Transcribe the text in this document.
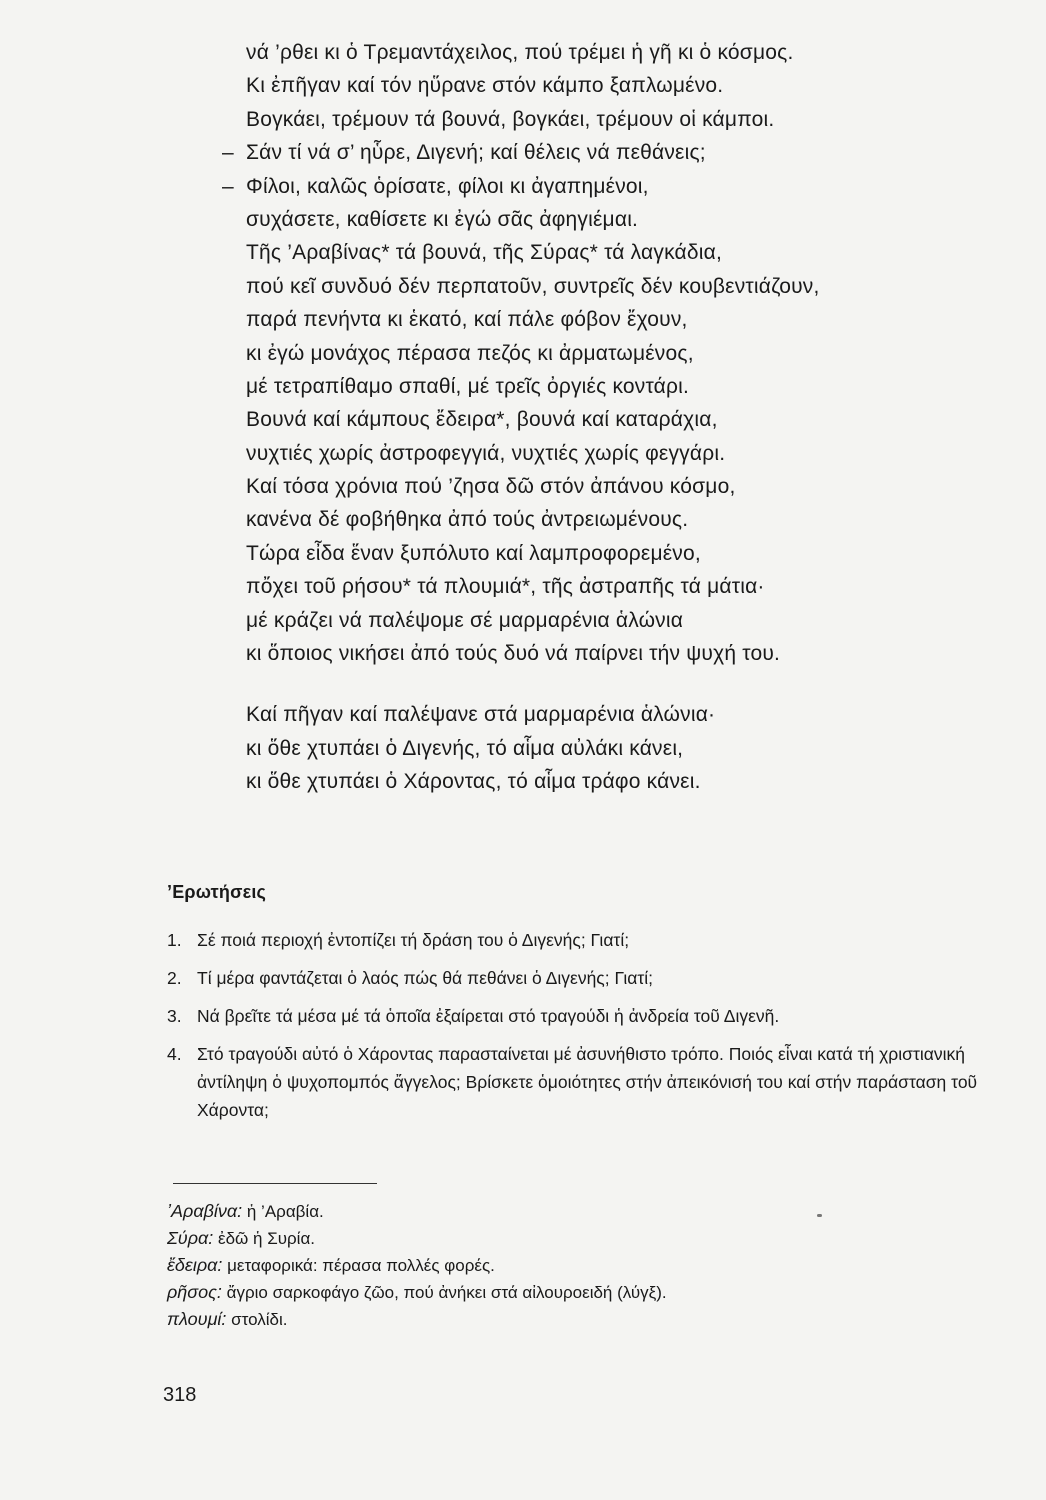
νά ’ρθει κι ὁ Τρεμαντάχειλος, πού τρέμει ἡ γῆ κι ὁ κόσμος.
Κι ἐπῆγαν καί τόν ηὕρανε στόν κάμπο ξαπλωμένο.
Βογκάει, τρέμουν τά βουνά, βογκάει, τρέμουν οἱ κάμποι.
– Σάν τί νά σ’ ηὗρε, Διγενή; καί θέλεις νά πεθάνεις;
– Φίλοι, καλῶς ὁρίσατε, φίλοι κι ἀγαπημένοι,
συχάσετε, καθίσετε κι ἐγώ σᾶς ἀφηγιέμαι.
Τῆς ’Αραβίνας* τά βουνά, τῆς Σύρας* τά λαγκάδια,
πού κεῖ συνδυό δέν περπατοῦν, συντρεῖς δέν κουβεντιάζουν,
παρά πενήντα κι ἑκατό, καί πάλε φόβον ἔχουν,
κι ἐγώ μονάχος πέρασα πεζός κι ἀρματωμένος,
μέ τετραπίθαμο σπαθί, μέ τρεῖς ὀργιές κοντάρι.
Βουνά καί κάμπους ἔδειρα*, βουνά καί καταράχια,
νυχτιές χωρίς ἀστροφεγγιά, νυχτιές χωρίς φεγγάρι.
Καί τόσα χρόνια πού ’ζησα δῶ στόν ἀπάνου κόσμο,
κανένα δέ φοβήθηκα ἀπό τούς ἀντρειωμένους.
Τώρα εἶδα ἕναν ξυπόλυτο καί λαμπροφορεμένο,
πὄχει τοῦ ρήσου* τά πλουμιά*, τῆς ἀστραπῆς τά μάτια·
μέ κράζει νά παλέψομε σέ μαρμαρένια ἁλώνια
κι ὅποιος νικήσει ἀπό τούς δυό νά παίρνει τήν ψυχή του.
Καί πῆγαν καί παλέψανε στά μαρμαρένια ἁλώνια·
κι ὅθε χτυπάει ὁ Διγενής, τό αἷμα αὐλάκι κάνει,
κι ὅθε χτυπάει ὁ Χάροντας, τό αἷμα τράφο κάνει.
’Ερωτήσεις
1. Σέ ποιά περιοχή ἐντοπίζει τή δράση του ὁ Διγενής; Γιατί;
2. Τί μέρα φαντάζεται ὁ λαός πώς θά πεθάνει ὁ Διγενής; Γιατί;
3. Νά βρεῖτε τά μέσα μέ τά ὁποῖα ἐξαίρεται στό τραγούδι ἡ ἀνδρεία τοῦ Διγενῆ.
4. Στό τραγούδι αὐτό ὁ Χάροντας παρασταίνεται μέ ἀσυνήθιστο τρόπο. Ποιός εἶναι κατά τή χριστιανική ἀντίληψη ὁ ψυχοπομπός ἄγγελος; Βρίσκετε ὁμοιότητες στήν ἀπεικόνισή του καί στήν παράσταση τοῦ Χάροντα;
’Αραβίνα: ἡ ’Αραβία.
Σύρα: ἐδῶ ἡ Συρία.
ἔδειρα: μεταφορικά: πέρασα πολλές φορές.
ρῆσος: ἄγριο σαρκοφάγο ζῶο, πού ἀνήκει στά αἰλουροειδή (λύγξ).
πλουμί: στολίδι.
318
